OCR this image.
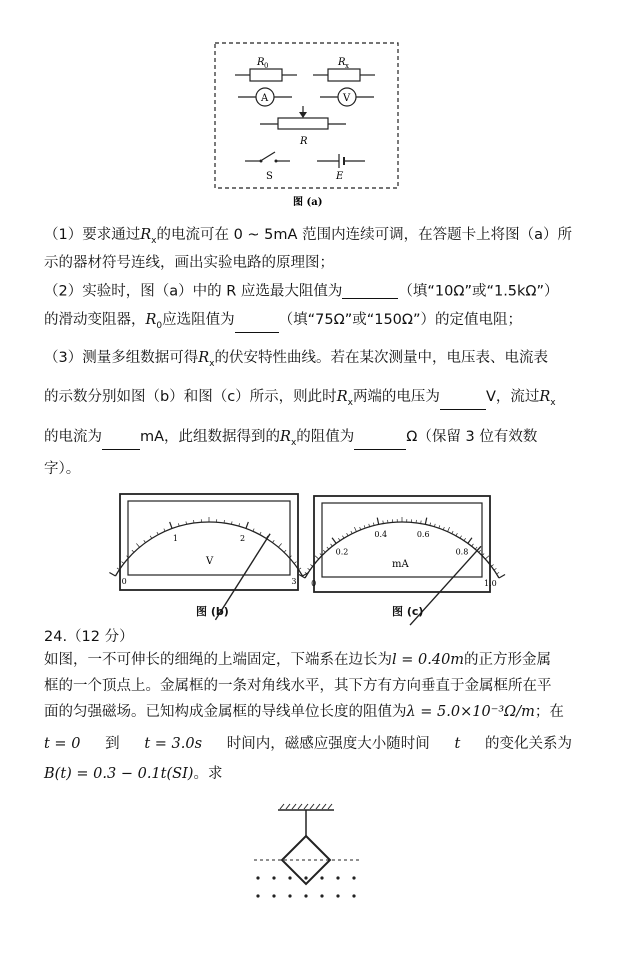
R 0	R x
A	V
R
S	E
图 (a)
（1）要求通过$R_x$的电流可在 0 ~ 5mA 范围内连续可调，在答题卡上将图（a）所
示的器材符号连线，画出实验电路的原理图；
（2）实验时，图（a）中的 R 应选最大阻值为	（填“10Ω”或“1.5kΩ”）
的滑动变阻器，$R_0$应选阻值为	（填“75Ω”或“150Ω”）的定值电阻；
（3）测量多组数据可得$R_x$的伏安特性曲线。若在某次测量中，电压表、电流表
的示数分别如图（b）和图（c）所示，则此时$R_x$两端的电压为	V，流过$R_x$
的电流为	mA，此组数据得到的$R_x$的阻值为	Ω（保留 3 位有效数
字）。
0
1	2
3
V
图 (b)
0
0.2
0.4	0.6
0.8
1.0
mA
图 (c)
24.（12 分）
如图，一不可伸长的细绳的上端固定，下端系在边长为l = 0.40m的正方形金属
框的一个顶点上。金属框的一条对角线水平，其下方有方向垂直于金属框所在平
面的匀强磁场。已知构成金属框的导线单位长度的阻值为λ = 5.0×10⁻³Ω/m；在
t = 0 到 t = 3.0s 时间内，磁感应强度大小随时间 t 的变化关系为
B(t) = 0.3 − 0.1t(SI)。求
